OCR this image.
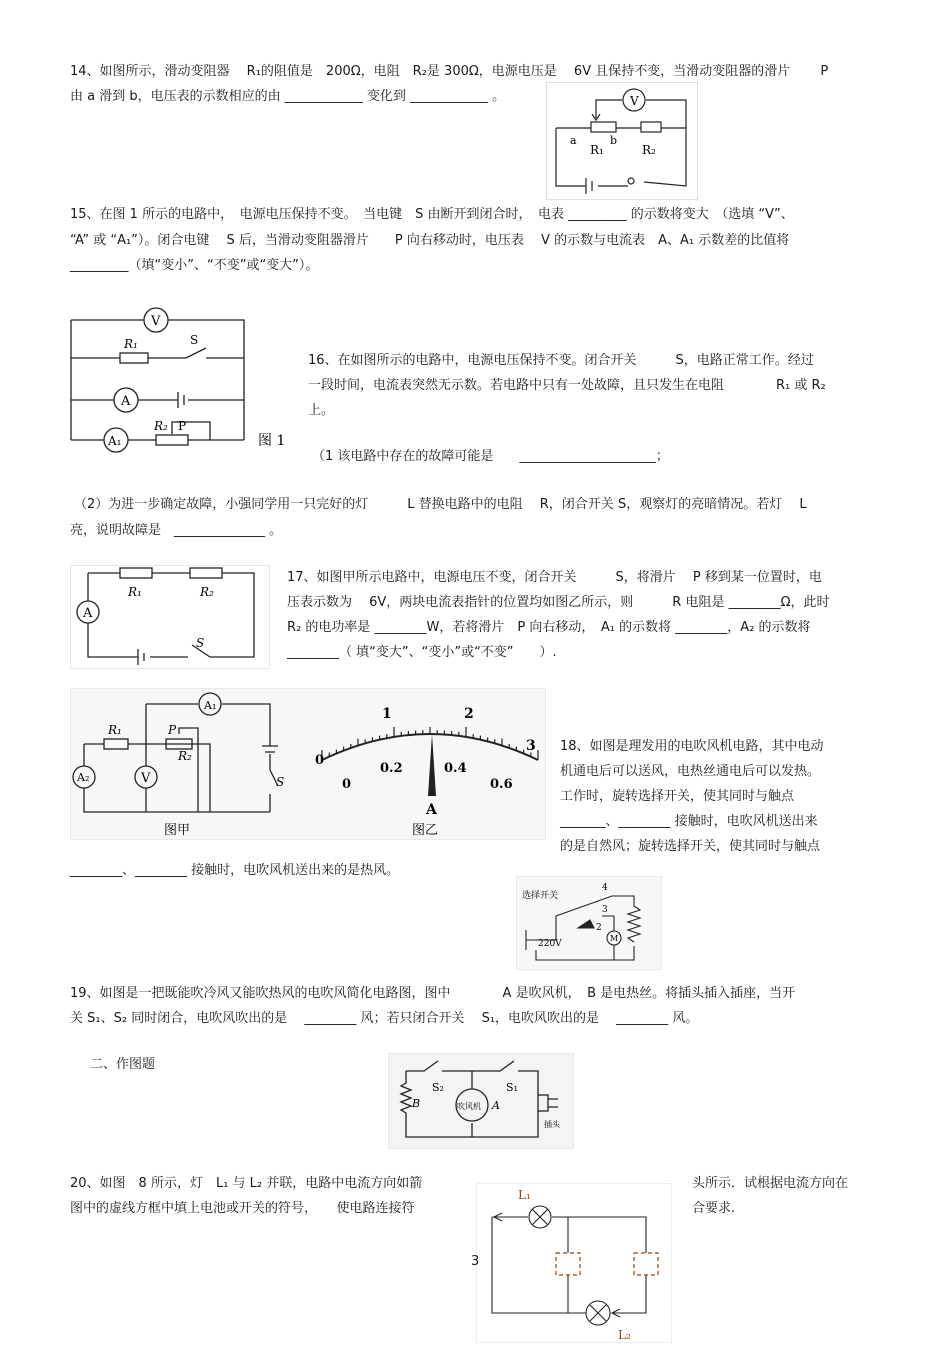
14、如图所示，滑动变阻器　 R₁的阻值是　200Ω，电阻　R₂是 300Ω，电源电压是　 6V 且保持不变，当滑动变阻器的滑片　　 P
由 a 滑到 b，电压表的示数相应的由 ____________ 变化到 ____________ 。	V
a	b
R₁	R₂
15、在图 1 所示的电路中，　电源电压保持不变。　当电键　S 由断开到闭合时，　电表 _________ 的示数将变大　（选填 “V”、
“A” 或 “A₁”）。闭合电键　 S 后，当滑动变阻器滑片　　P 向右移动时，电压表　 V 的示数与电流表　A、A₁ 示数差的比值将
_________（填“变小”、“不变”或“变大”）。
V
R₁	S
A
A₁
R₂ P
图 1
16、在如图所示的电路中，电源电压保持不变。闭合开关　　　S，电路正常工作。经过
一段时间，电流表突然无示数。若电路中只有一处故障，且只发生在电阻　　　　R₁ 或 R₂
上。
（1 该电路中存在的故障可能是　　_____________________；
（2）为进一步确定故障，小强同学用一只完好的灯　　　L 替换电路中的电阻　 R，闭合开关 S，观察灯的亮暗情况。若灯　 L
亮，说明故障是　______________ 。
R₁	R₂
A
S
17、如图甲所示电路中，电源电压不变，闭合开关　　　S，将滑片　 P 移到某一位置时，电
压表示数为　 6V，两块电流表指针的位置均如图乙所示，则　　　R 电阻是 ________Ω，此时
R₂ 的电功率是 ________W，若将滑片　P 向右移动，　A₁ 的示数将 ________，A₂ 的示数将
________（ 填“变大”、“变小”或“不变”　　）.
A₁
R₁	P
R₂
A₂	V	S
图甲
1	2
3
0
0
0.2	0.4
0.6
A
图乙
18、如图是理发用的电吹风机电路，其中电动
机通电后可以送风，电热丝通电后可以发热。
工作时，旋转选择开关，使其同时与触点
_______、________ 接触时，电吹风机送出来
的是自然风；旋转选择开关，使其同时与触点
________、________ 接触时，电吹风机送出来的是热风。
选择开关
4
3
2
220V
M
19、如图是一把既能吹冷风又能吹热风的电吹风简化电路图，图中　　　　A 是吹风机，　B 是电热丝。将插头插入插座，当开
关 S₁、S₂ 同时闭合，电吹风吹出的是　 ________ 风；若只闭合开关　 S₁，电吹风吹出的是　 ________ 风。
二、作图题
S₂	S₁
B	吹风机 A
插头
20、如图　8 所示，灯　L₁ 与 L₂ 并联，电路中电流方向如箭	头所示．试根据电流方向在
图中的虚线方框中填上电池或开关的符号，　　使电路连接符	合要求.
L₁
L₂
3
